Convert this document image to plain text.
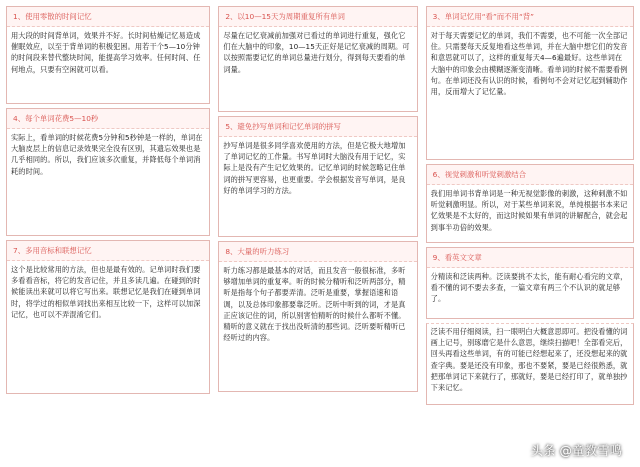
1、使用零散的时间记忆
用大段的时间背单词，效果并不好。长时间枯燥记忆易造成催眠效应，以至于背单词的积极犯困。用若干个5—10分钟的时间段来替代整块时间，能提高学习效率。任何时间、任何地点，只要有空闲就可以看。
4、每个单词花费5—10秒
实际上，看单词的时候花费5分钟和5秒钟是一样的，单词在大脑皮层上的信息记录效果完全没有区别，其遗忘效果也是几乎相同的。所以，我们应该多次重复，并降低每个单词消耗的时间。
7、多用音标和联想记忆
这个是比较常用的方法，但也是最有效的。记单词时我们要多看看音标，将它的发音记住，并且多读几遍。在碰到的时候能读出来就可以将它写出来。联想记忆是我们在碰到单词时，将学过的相似单词找出来相互比较一下，这样可以加深记忆，也可以不弄混淆它们。
2、以10—15天为周期重复所有单词
尽量在记忆衰减前加强对已看过的单词进行重复，强化它们在大脑中的印象，10—15天正好是记忆衰减的周期。可以按照需要记忆的单词总量进行划分，得到每天要看的单词量。
5、避免抄写单词和记忆单词的拼写
抄写单词是很多同学喜欢使用的方法，但是它极大地增加了单词记忆的工作量。书写单词时大脑没有用于记忆，实际上是没有产生记忆效果的。记忆单词的时候忽略记住单词的拼写更容易，也更重要。学会根据发音写单词，是良好的单词学习的方法。
8、大量的听力练习
听力练习都是最基本的对话，而且发音一般很标准，多听够增加单词的重复率。听的时候分精听和泛听两部分，精听是指每个句子都要弄清。泛听是重要，掌握语速和语调，以及总体印象都要靠泛听。泛听中听到的词，才是真正应该记住的词，所以别害怕精听的时候什么都听不懂。精听的意义就在于找出没听清的那些词。泛听要听精听已经听过的内容。
3、单词记忆用“看”而不用“背”
对于每天需要记忆的单词，我们不需要，也不可能一次全部记住。只需要每天反复地看这些单词，并在大脑中想它们的发音和意思就可以了，这样的重复每天4—6遍最好。这些单词在大脑中的印象会由模糊逐渐变清晰。看单词的时候不需要看例句。在单词还没有认识的时候，看例句不会对记忆起到辅助作用，反而增大了记忆量。
6、视觉刺激和听觉刺激结合
我们用单词书背单词是一种无视觉影像的刺激，这种刺激不如听觉刺激明显。所以，对于某些单词来说，单纯根据书本来记忆效果是不太好的，而这时候如果有单词的讲解配合，就会起到事半功倍的效果。
9、看英文文章
分精读和泛读两种。泛读要挑不太长，能有耐心看完的文章，看不懂的词不要去多查，一篇文章有两三个不认识的就足够了。
泛读不用仔细阅读，扫一眼明白大概意思即可。把没看懂的词画上记号，别琢磨它是什么意思，继续扫描吧！全部看完后，回头再看这些单词，有的可能已经想起来了，还没想起来的就查字典。要是还没有印象，那也不要紧，要是已经很熟悉，就把那单词记下来就行了，那就好，要是已经打印了，就单独抄下来记忆。
头条 @童教雪鸣
